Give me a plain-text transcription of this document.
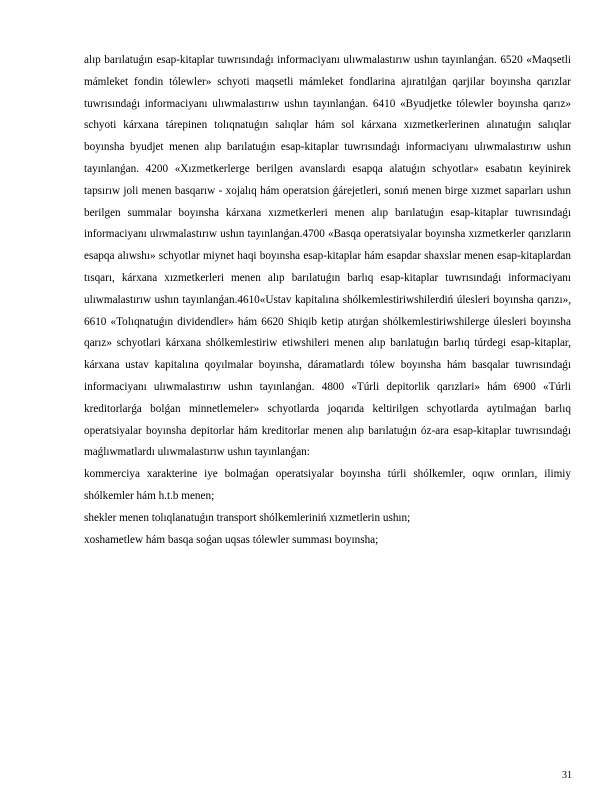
alıp barılatuǵın esap-kitaplar tuwrısındaǵı informaciyanı ulıwmalastırıw ushın tayınlanǵan. 6520 «Maqsetli mámleket fondin tólewler» schyoti maqsetli mámleket fondlarina ajıratılǵan qarjilar boyınsha qarızlar tuwrısındaǵı informaciyanı ulıwmalastırıw ushın tayınlanǵan. 6410 «Byudjetke tólewler boyınsha qarız» schyoti kárxana tárepinen tolıqnatuǵın salıqlar hám sol kárxana xızmetkerlerinen alınatuǵın salıqlar boyınsha byudjet menen alıp barılatuǵın esap-kitaplar tuwrısındaǵı informaciyanı ulıwmalastırıw ushın tayınlanǵan. 4200 «Xızmetkerlerge berilgen avanslardı esapqa alatuǵın schyotlar» esabatın keyinirek tapsırıw joli menen basqarıw - xojalıq hám operatsion ǵárejetleri, sonıń menen birge xızmet saparları ushın berilgen summalar boyınsha kárxana xızmetkerleri menen alıp barılatuǵın esap-kitaplar tuwrısındaǵı informaciyanı ulıwmalastırıw ushın tayınlanǵan.4700 «Basqa operatsiyalar boyınsha xızmetkerler qarızların esapqa alıwshı» schyotlar miynet haqi boyınsha esap-kitaplar hám esapdar shaxslar menen esap-kitaplardan tısqarı, kárxana xızmetkerleri menen alıp barılatuǵın barlıq esap-kitaplar tuwrısındaǵı informaciyanı ulıwmalastırıw ushın tayınlanǵan.4610«Ustav kapitalına shólkemlestiriwshilerdiń úlesleri boyınsha qarızı», 6610 «Tolıqnatuǵın dividendler» hám 6620 Shiqib ketip atırǵan shólkemlestiriwshilerge úlesleri boyınsha qarız» schyotlari kárxana shólkemlestiriw etiwshileri menen alıp barılatuǵın barlıq túrdegi esap-kitaplar, kárxana ustav kapitalına qoyılmalar boyınsha, dáramatlardı tólew boyınsha hám basqalar tuwrısındaǵı informaciyanı ulıwmalastırıw ushın tayınlanǵan. 4800 «Túrli depitorlik qarızlari» hám 6900 «Túrli kreditorlarǵa bolǵan minnetlemeler» schyotlarda joqarıda keltirilgen schyotlarda aytılmaǵan barlıq operatsiyalar boyınsha depitorlar hám kreditorlar menen alıp barılatuǵın óz-ara esap-kitaplar tuwrısındaǵı maǵlıwmatlardı ulıwmalastırıw ushın tayınlanǵan:

kommerciya xarakterine iye bolmaǵan operatsiyalar boyınsha túrli shólkemler, oqıw orınları, ilimiy shólkemler hám h.t.b menen;

shekler menen tolıqlanatuǵın transport shólkemleriniń xızmetlerin ushın;

xoshametlew hám basqa soǵan uqsas tólewler summası boyınsha;

31
